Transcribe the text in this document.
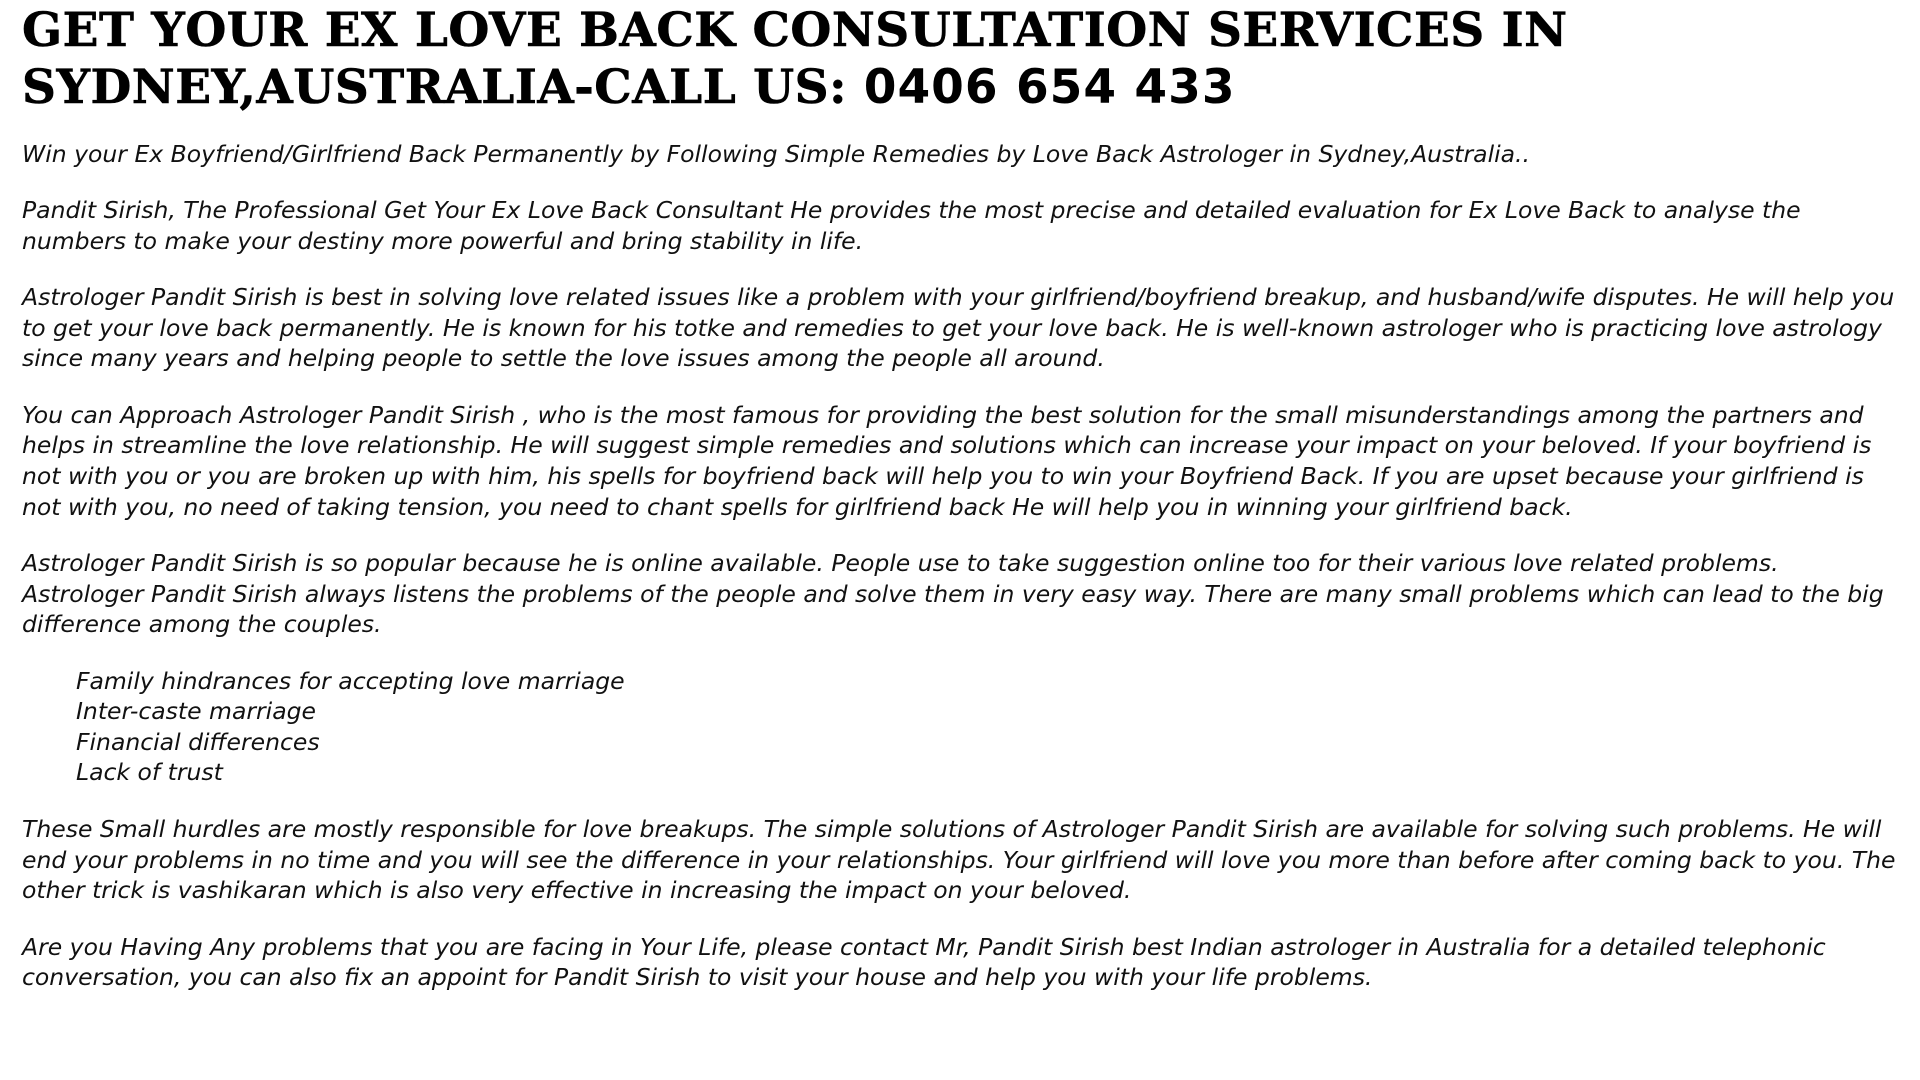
GET YOUR EX LOVE BACK CONSULTATION SERVICES IN
SYDNEY,AUSTRALIA-CALL US: 0406 654 433

Win your Ex Boyfriend/Girlfriend Back Permanently by Following Simple Remedies by Love Back Astrologer in Sydney,Australia..

Pandit Sirish, The Professional Get Your Ex Love Back Consultant He provides the most precise and detailed evaluation for Ex Love Back to analyse the numbers to make your destiny more powerful and bring stability in life.

Astrologer Pandit Sirish is best in solving love related issues like a problem with your girlfriend/boyfriend breakup, and husband/wife disputes. He will help you to get your love back permanently. He is known for his totke and remedies to get your love back. He is well-known astrologer who is practicing love astrology since many years and helping people to settle the love issues among the people all around.

You can Approach Astrologer Pandit Sirish , who is the most famous for providing the best solution for the small misunderstandings among the partners and helps in streamline the love relationship. He will suggest simple remedies and solutions which can increase your impact on your beloved. If your boyfriend is not with you or you are broken up with him, his spells for boyfriend back will help you to win your Boyfriend Back. If you are upset because your girlfriend is not with you, no need of taking tension, you need to chant spells for girlfriend back He will help you in winning your girlfriend back.

Astrologer Pandit Sirish is so popular because he is online available. People use to take suggestion online too for their various love related problems. Astrologer Pandit Sirish always listens the problems of the people and solve them in very easy way. There are many small problems which can lead to the big difference among the couples.

Family hindrances for accepting love marriage
Inter-caste marriage
Financial differences
Lack of trust

These Small hurdles are mostly responsible for love breakups. The simple solutions of Astrologer Pandit Sirish are available for solving such problems. He will end your problems in no time and you will see the difference in your relationships. Your girlfriend will love you more than before after coming back to you. The other trick is vashikaran which is also very effective in increasing the impact on your beloved.

Are you Having Any problems that you are facing in Your Life, please contact Mr, Pandit Sirish best Indian astrologer in Australia for a detailed telephonic conversation, you can also fix an appoint for Pandit Sirish to visit your house and help you with your life problems.
